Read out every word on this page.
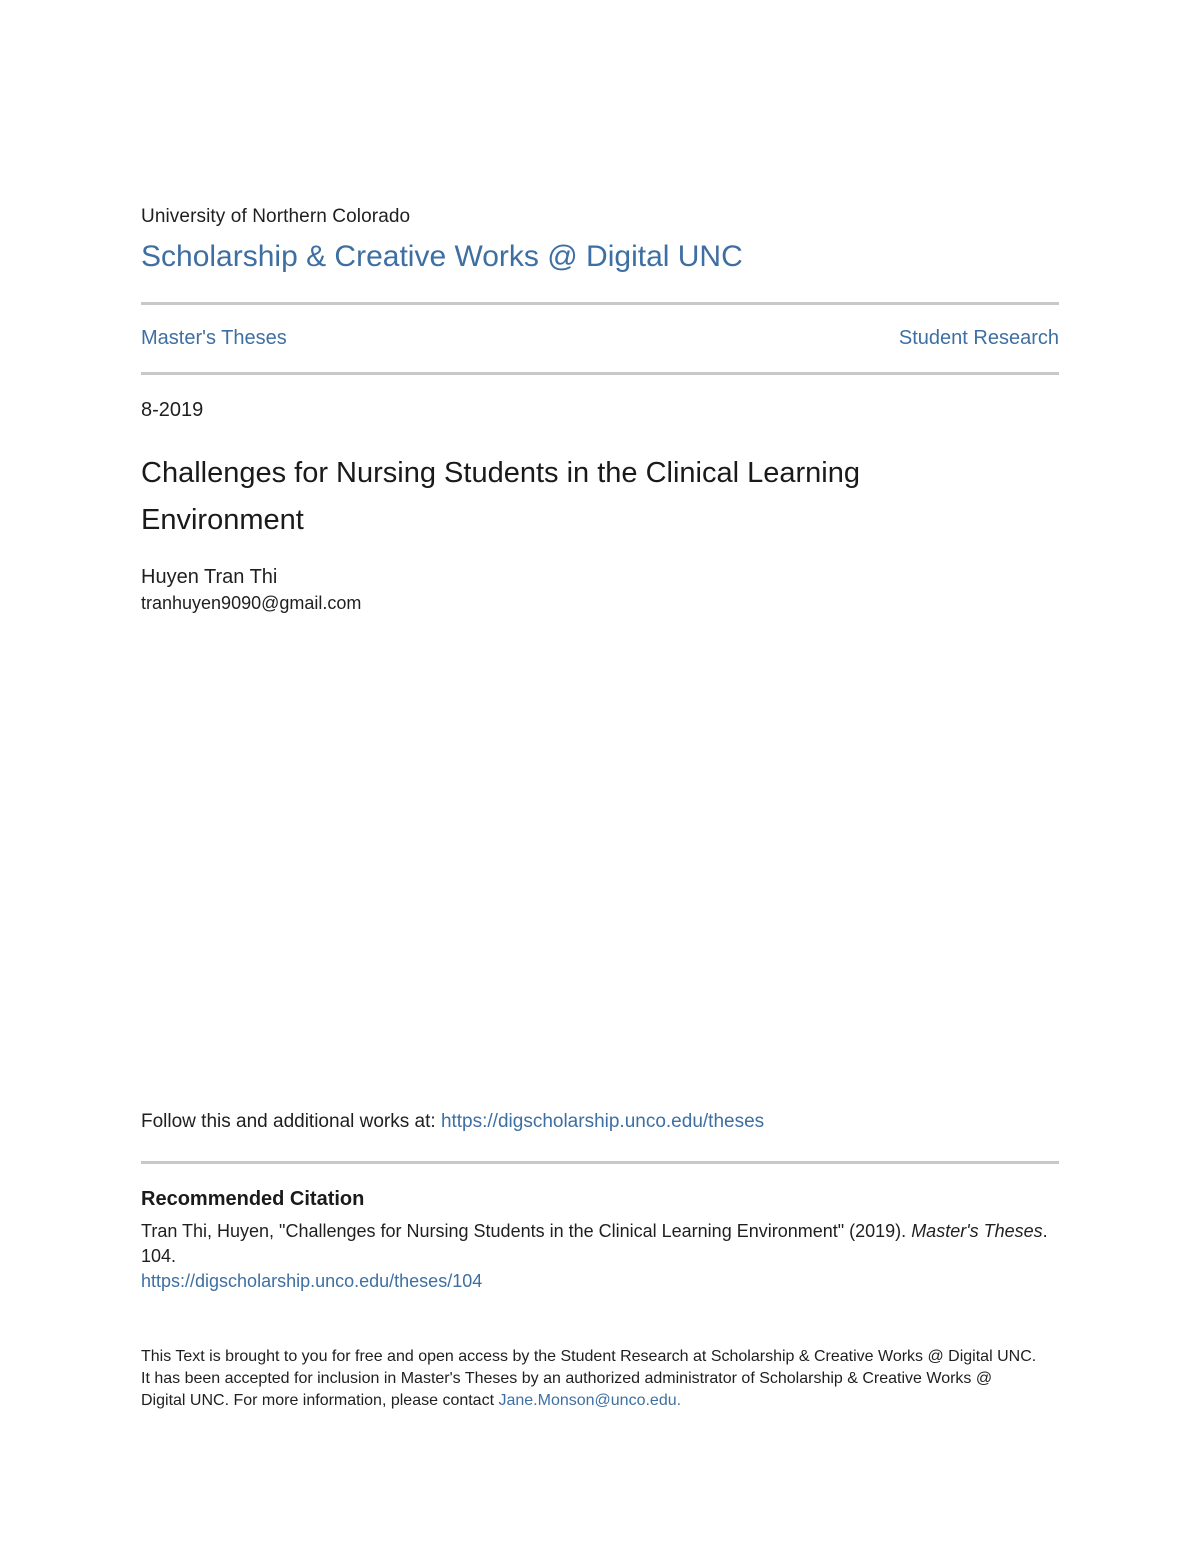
University of Northern Colorado
Scholarship & Creative Works @ Digital UNC
Master's Theses	Student Research
8-2019
Challenges for Nursing Students in the Clinical Learning Environment
Huyen Tran Thi
tranhuyen9090@gmail.com
Follow this and additional works at: https://digscholarship.unco.edu/theses
Recommended Citation
Tran Thi, Huyen, "Challenges for Nursing Students in the Clinical Learning Environment" (2019). Master's Theses. 104.
https://digscholarship.unco.edu/theses/104
This Text is brought to you for free and open access by the Student Research at Scholarship & Creative Works @ Digital UNC. It has been accepted for inclusion in Master's Theses by an authorized administrator of Scholarship & Creative Works @ Digital UNC. For more information, please contact Jane.Monson@unco.edu.
